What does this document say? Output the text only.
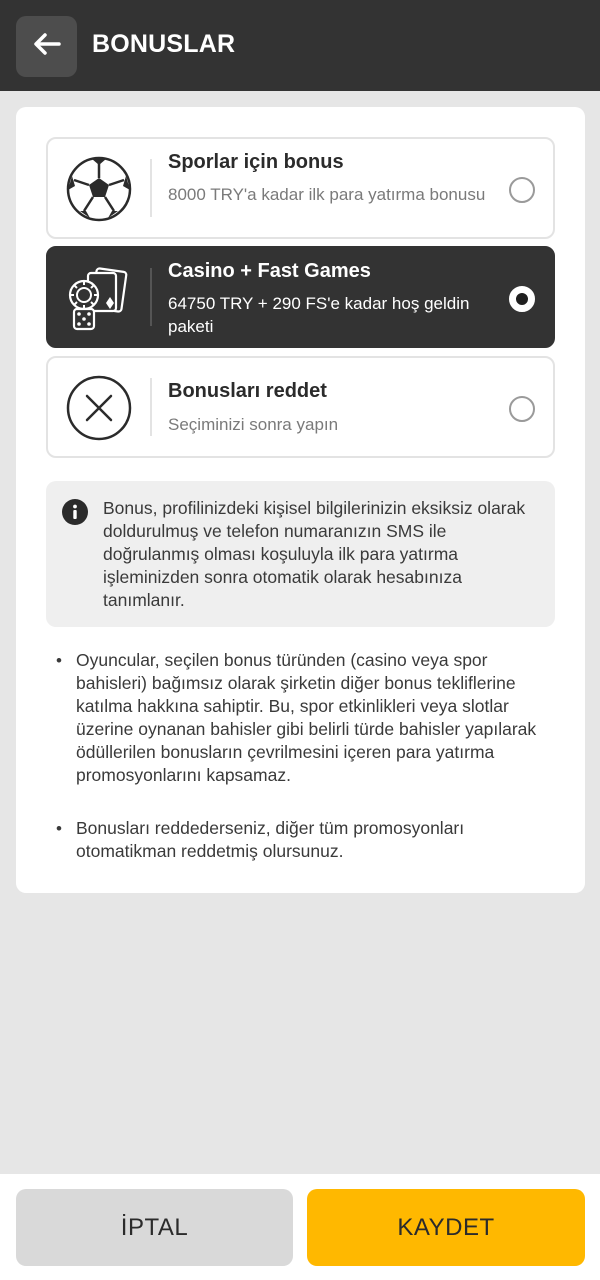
BONUSLAR
Sporlar için bonus
8000 TRY'a kadar ilk para yatırma bonusu
Casino + Fast Games
64750 TRY + 290 FS'e kadar hoş geldin paketi
Bonusları reddet
Seçiminizi sonra yapın
Bonus, profilinizdeki kişisel bilgilerinizin eksiksiz olarak doldurulmuş ve telefon numaranızın SMS ile doğrulanmış olması koşuluyla ilk para yatırma işleminizden sonra otomatik olarak hesabınıza tanımlanır.
• Oyuncular, seçilen bonus türünden (casino veya spor bahisleri) bağımsız olarak şirketin diğer bonus tekliflerine katılma hakkına sahiptir. Bu, spor etkinlikleri veya slotlar üzerine oynanan bahisler gibi belirli türde bahisler yapılarak ödüllerilen bonusların çevrilmesini içeren para yatırma promosyonlarını kapsamaz.
• Bonusları reddederseniz, diğer tüm promosyonları otomatikman reddetmiş olursunuz.
İPTAL	KAYDET
